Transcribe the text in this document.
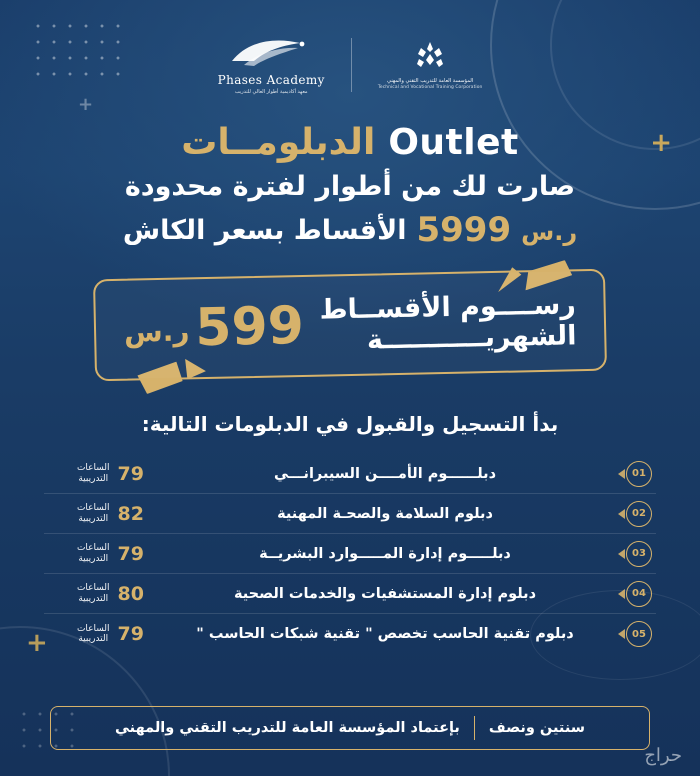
+
+
+
المؤسسة العامة للتدريب التقني والمهني
Technical and Vocational Training Corporation
Phases Academy
معهد أكاديمية أطوار العالي للتدريب
Outlet الدبلومــات
صارت لك من أطوار لفترة محدودة
ر.س
5999
الأقساط بسعر الكاش
رســــوم الأقســاط
الشهريـــــــــــة
599
ر.س
بدأ التسجيل والقبول في الدبلومات التالية:
01
دبلــــــوم الأمــــن السيبرانـــي
79
الساعات
التدريبية
02
دبلوم السلامة والصحـة المهنية
82
الساعات
التدريبية
03
دبلـــــوم إدارة المـــــوارد البشريــة
79
الساعات
التدريبية
04
دبلوم إدارة المستشفيات والخدمات الصحية
80
الساعات
التدريبية
05
دبلوم تقنية الحاسب تخصص " تقنية شبكات الحاسب "
79
الساعات
التدريبية
سنتين ونصف
بإعتماد المؤسسة العامة للتدريب التقني والمهني
حراج
